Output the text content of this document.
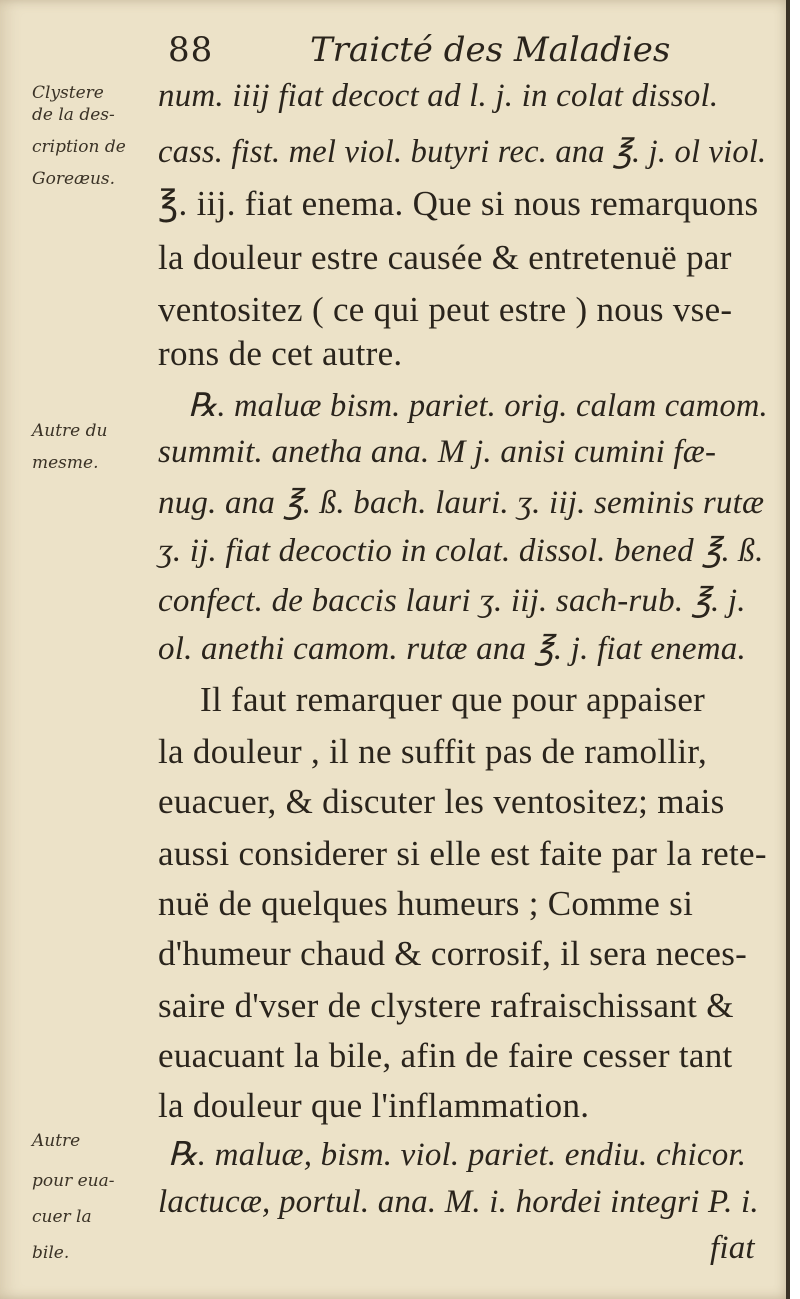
88	Traicté des Maladies
Clystere
de la des-
cription de
Goreæus.
Autre du
mesme.
Autre
pour eua-
cuer la
bile.
num. iiij fiat decoct ad l. j. in colat dissol.
cass. fist. mel viol. butyri rec. ana ℥. j. ol viol.
℥. iij. fiat enema. Que si nous remarquons
la douleur estre causée & entretenuë par
ventositez ( ce qui peut estre ) nous vse-
rons de cet autre.
℞. maluæ bism. pariet. orig. calam camom.
summit. anetha ana. M j. anisi cumini fæ-
nug. ana ℥. ß. bach. lauri. ʒ. iij. seminis rutæ
ʒ. ij. fiat decoctio in colat. dissol. bened ℥. ß.
confect. de baccis lauri ʒ. iij. sach-rub. ℥. j.
ol. anethi camom. rutæ ana ℥. j. fiat enema.
Il faut remarquer que pour appaiser
la douleur , il ne suffit pas de ramollir,
euacuer, & discuter les ventositez; mais
aussi considerer si elle est faite par la rete-
nuë de quelques humeurs ; Comme si
d'humeur chaud & corrosif, il sera neces-
saire d'vser de clystere rafraischissant &
euacuant la bile, afin de faire cesser tant
la douleur que l'inflammation.
℞. maluæ, bism. viol. pariet. endiu. chicor.
lactucæ, portul. ana. M. i. hordei integri P. i.
fiat
